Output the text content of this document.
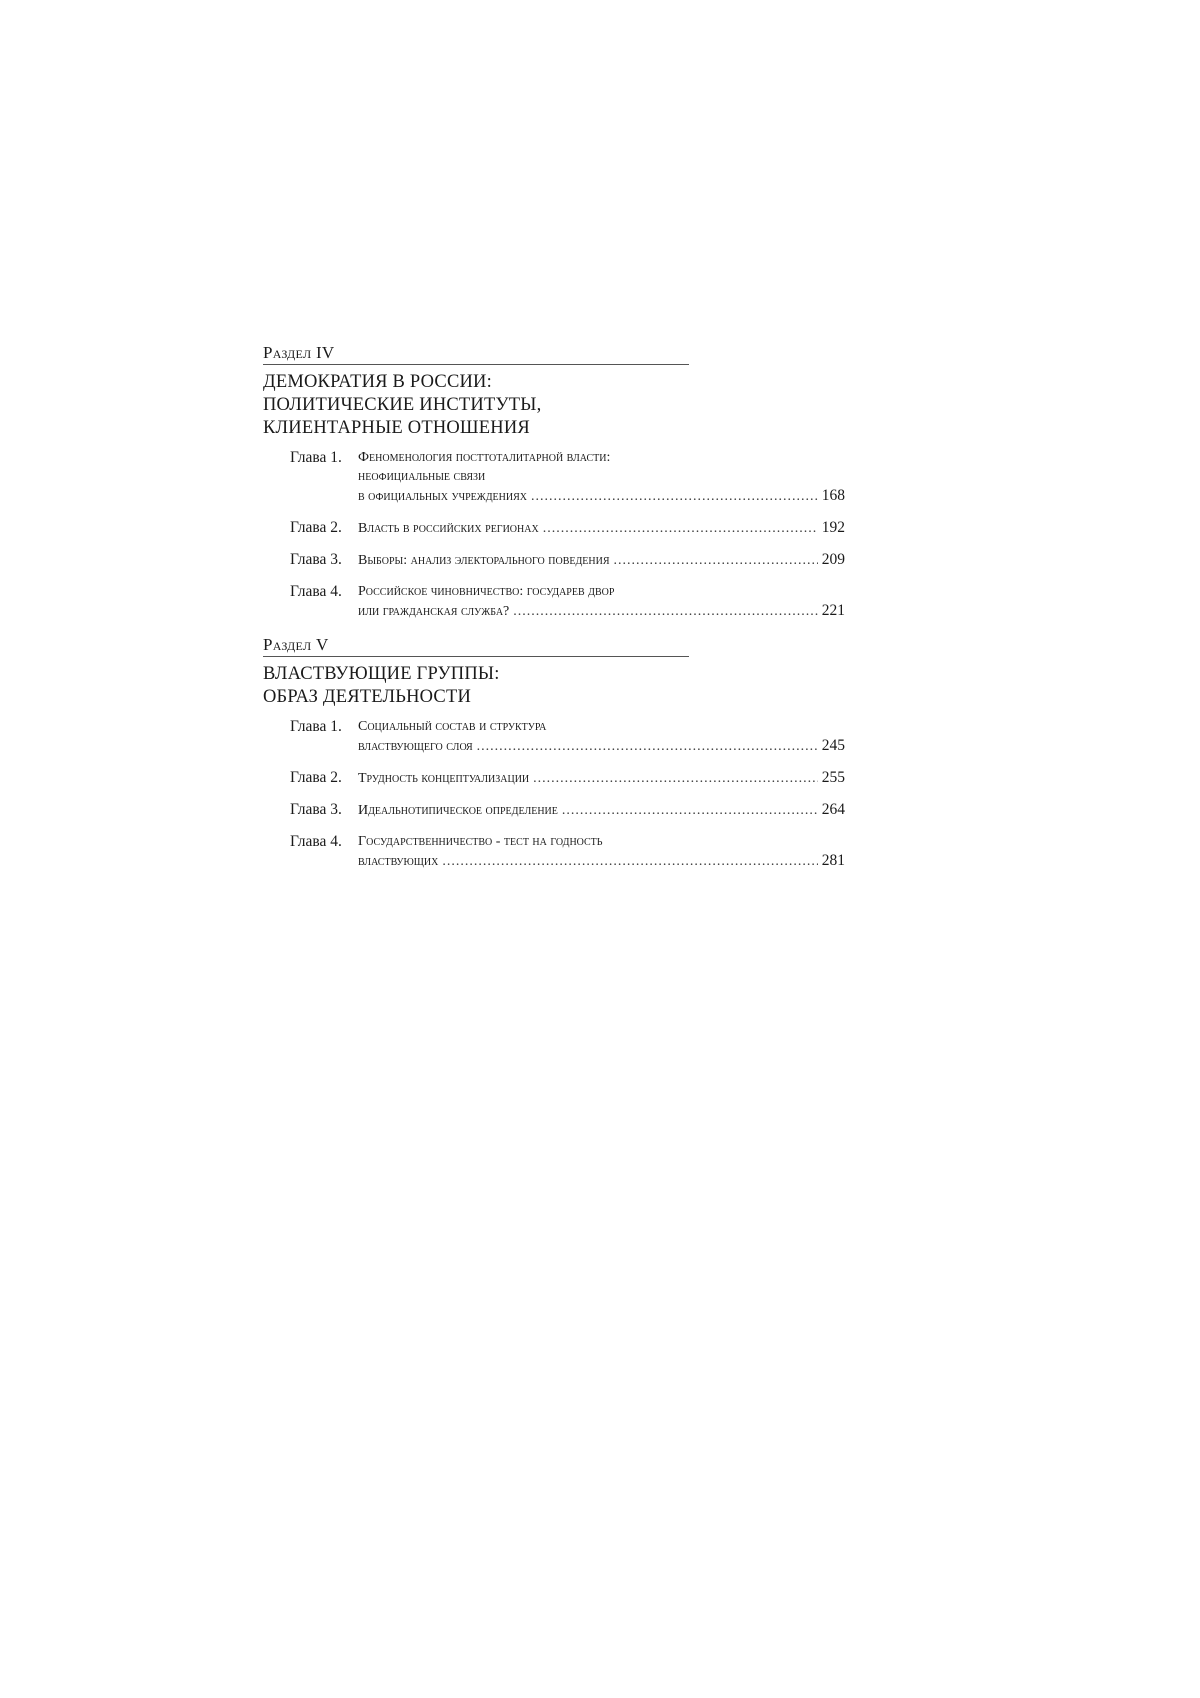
Раздел IV
ДЕМОКРАТИЯ В РОССИИ:
ПОЛИТИЧЕСКИЕ ИНСТИТУТЫ,
КЛИЕНТАРНЫЕ ОТНОШЕНИЯ
Глава 1.	Феноменология посттоталитарной власти:
неофициальные связи
в официальных учреждениях .....	168
Глава 2.	Власть в российских регионах .....	192
Глава 3.	Выборы: анализ электорального поведения .....	209
Глава 4.	Российское чиновничество: государев двор
или гражданская служба? .....	221
Раздел V
ВЛАСТВУЮЩИЕ ГРУППЫ:
ОБРАЗ ДЕЯТЕЛЬНОСТИ
Глава 1.	Социальный состав и структура
властвующего слоя .....	245
Глава 2.	Трудность концептуализации .....	255
Глава 3.	Идеальнотипическое определение .....	264
Глава 4.	Государственничество - тест на годность
властвующих .....	281
